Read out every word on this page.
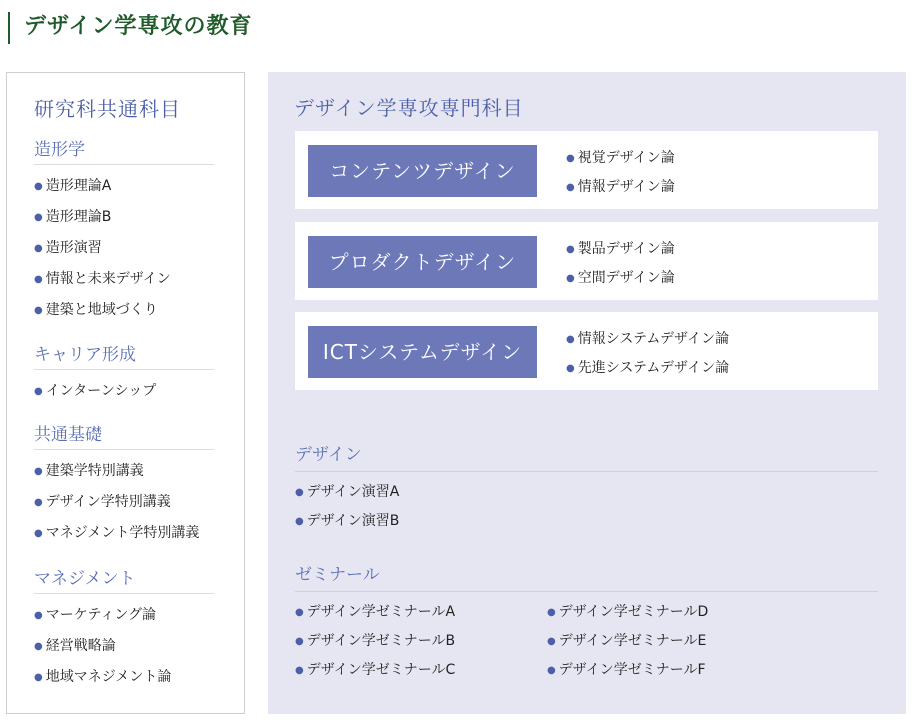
デザイン学専攻の教育
研究科共通科目
造形学
● 造形理論A
● 造形理論B
● 造形演習
● 情報と未来デザイン
● 建築と地域づくり
キャリア形成
● インターンシップ
共通基礎
● 建築学特別講義
● デザイン学特別講義
● マネジメント学特別講義
マネジメント
● マーケティング論
● 経営戦略論
● 地域マネジメント論
デザイン学専攻専門科目
コンテンツデザイン
● 視覚デザイン論
● 情報デザイン論
プロダクトデザイン
● 製品デザイン論
● 空間デザイン論
ICTシステムデザイン
● 情報システムデザイン論
● 先進システムデザイン論
デザイン
● デザイン演習A
● デザイン演習B
ゼミナール
● デザイン学ゼミナールA
● デザイン学ゼミナールB
● デザイン学ゼミナールC
● デザイン学ゼミナールD
● デザイン学ゼミナールE
● デザイン学ゼミナールF
